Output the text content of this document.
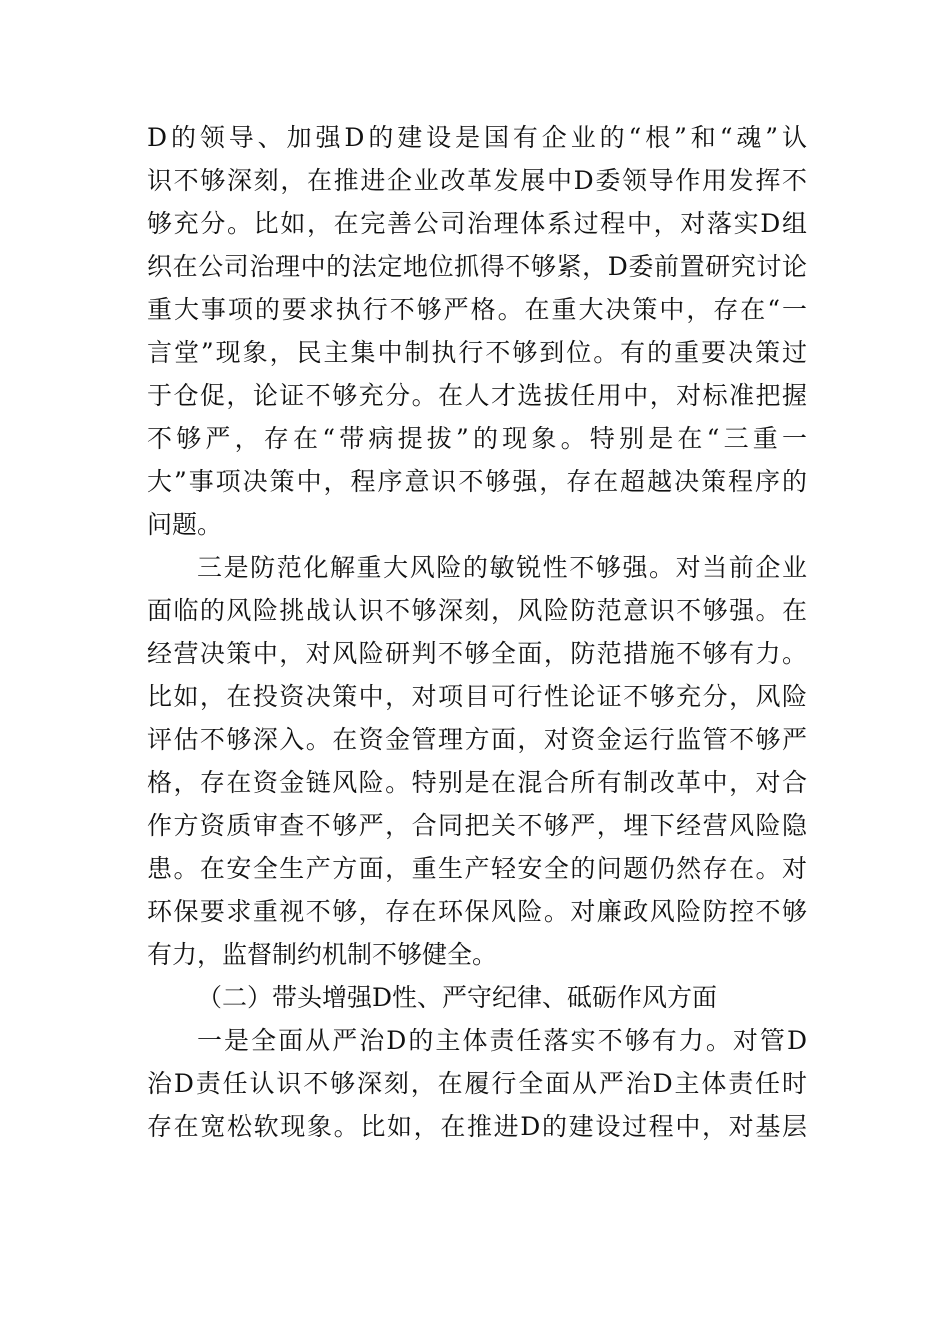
D的领导、加强D的建设是国有企业的“根”和“魂”认
识不够深刻，在推进企业改革发展中D委领导作用发挥不
够充分。比如，在完善公司治理体系过程中，对落实D组
织在公司治理中的法定地位抓得不够紧，D委前置研究讨论
重大事项的要求执行不够严格。在重大决策中，存在“一
言堂”现象，民主集中制执行不够到位。有的重要决策过
于仓促，论证不够充分。在人才选拔任用中，对标准把握
不够严，存在“带病提拔”的现象。特别是在“三重一
大”事项决策中，程序意识不够强，存在超越决策程序的
问题。
三是防范化解重大风险的敏锐性不够强。对当前企业
面临的风险挑战认识不够深刻，风险防范意识不够强。在
经营决策中，对风险研判不够全面，防范措施不够有力。
比如，在投资决策中，对项目可行性论证不够充分，风险
评估不够深入。在资金管理方面，对资金运行监管不够严
格，存在资金链风险。特别是在混合所有制改革中，对合
作方资质审查不够严，合同把关不够严，埋下经营风险隐
患。在安全生产方面，重生产轻安全的问题仍然存在。对
环保要求重视不够，存在环保风险。对廉政风险防控不够
有力，监督制约机制不够健全。
（二）带头增强D性、严守纪律、砥砺作风方面
一是全面从严治D的主体责任落实不够有力。对管D
治D责任认识不够深刻，在履行全面从严治D主体责任时
存在宽松软现象。比如，在推进D的建设过程中，对基层
